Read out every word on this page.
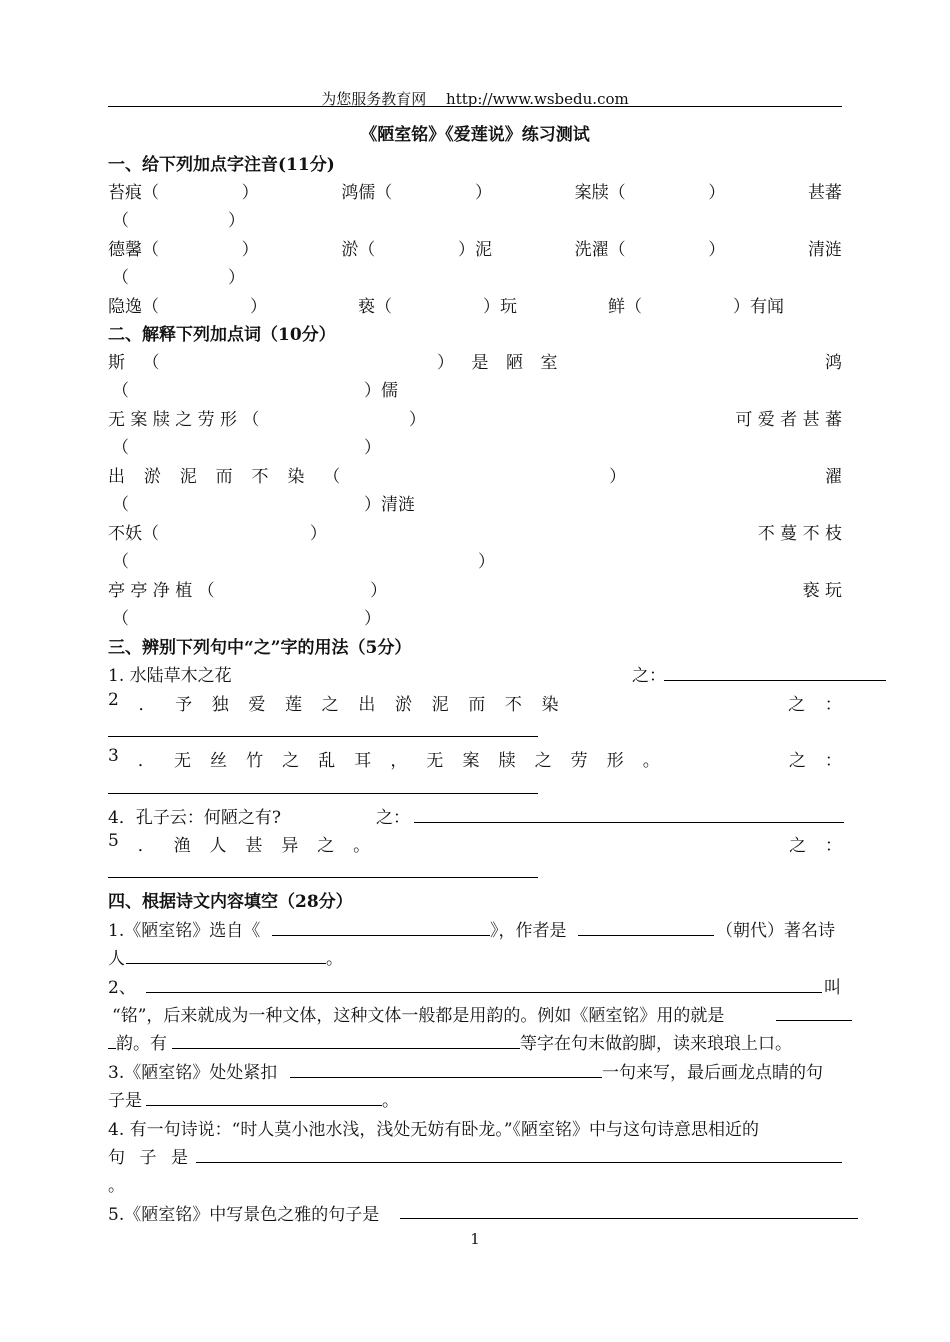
为您服务教育网　 http://www.wsbedu.com
《陋室铭》《爱莲说》练习测试
一、给下列加点字注音(11分)
苔痕（	）	鸿儒（	）	案牍（	）	甚蕃
（	）
德馨（	）	淤（	）泥	洗濯（	）	清涟
（	）
隐逸（	）	亵（	）玩	鲜（	）有闻
二、解释下列加点词（10分）
斯 （	） 是 陋 室	鸿
（	）儒
无 案 牍 之 劳 形 （	）	可 爱 者 甚 蕃
（	）
出 淤 泥 而 不 染 （	）	濯
（	）清涟
不妖（	）	不 蔓 不 枝
（	）
亭 亭 净 植 （	）	亵 玩
（	）
三、辨别下列句中“之”字的用法（5分）
1. 水陆草木之花	之：
2 ． 予 独 爱 莲 之 出 淤 泥 而 不 染	之 ：
3 ． 无 丝 竹 之 乱 耳 ， 无 案 牍 之 劳 形 。	之 ：
4．孔子云：何陋之有?	之：
5 ． 渔 人 甚 异 之 。	之 ：
四、根据诗文内容填空（28分）
1.《陋室铭》选自《	》，作者是	（朝代）著名诗
人	。
2、	叫
“铭”，后来就成为一种文体，这种文体一般都是用韵的。例如《陋室铭》用的就是
韵。有	等字在句末做韵脚，读来琅琅上口。
3.《陋室铭》处处紧扣	一句来写，最后画龙点睛的句
子是	。
4. 有一句诗说：“时人莫小池水浅，浅处无妨有卧龙。”《陋室铭》中与这句诗意思相近的
句 子 是
。
5.《陋室铭》中写景色之雅的句子是
1
